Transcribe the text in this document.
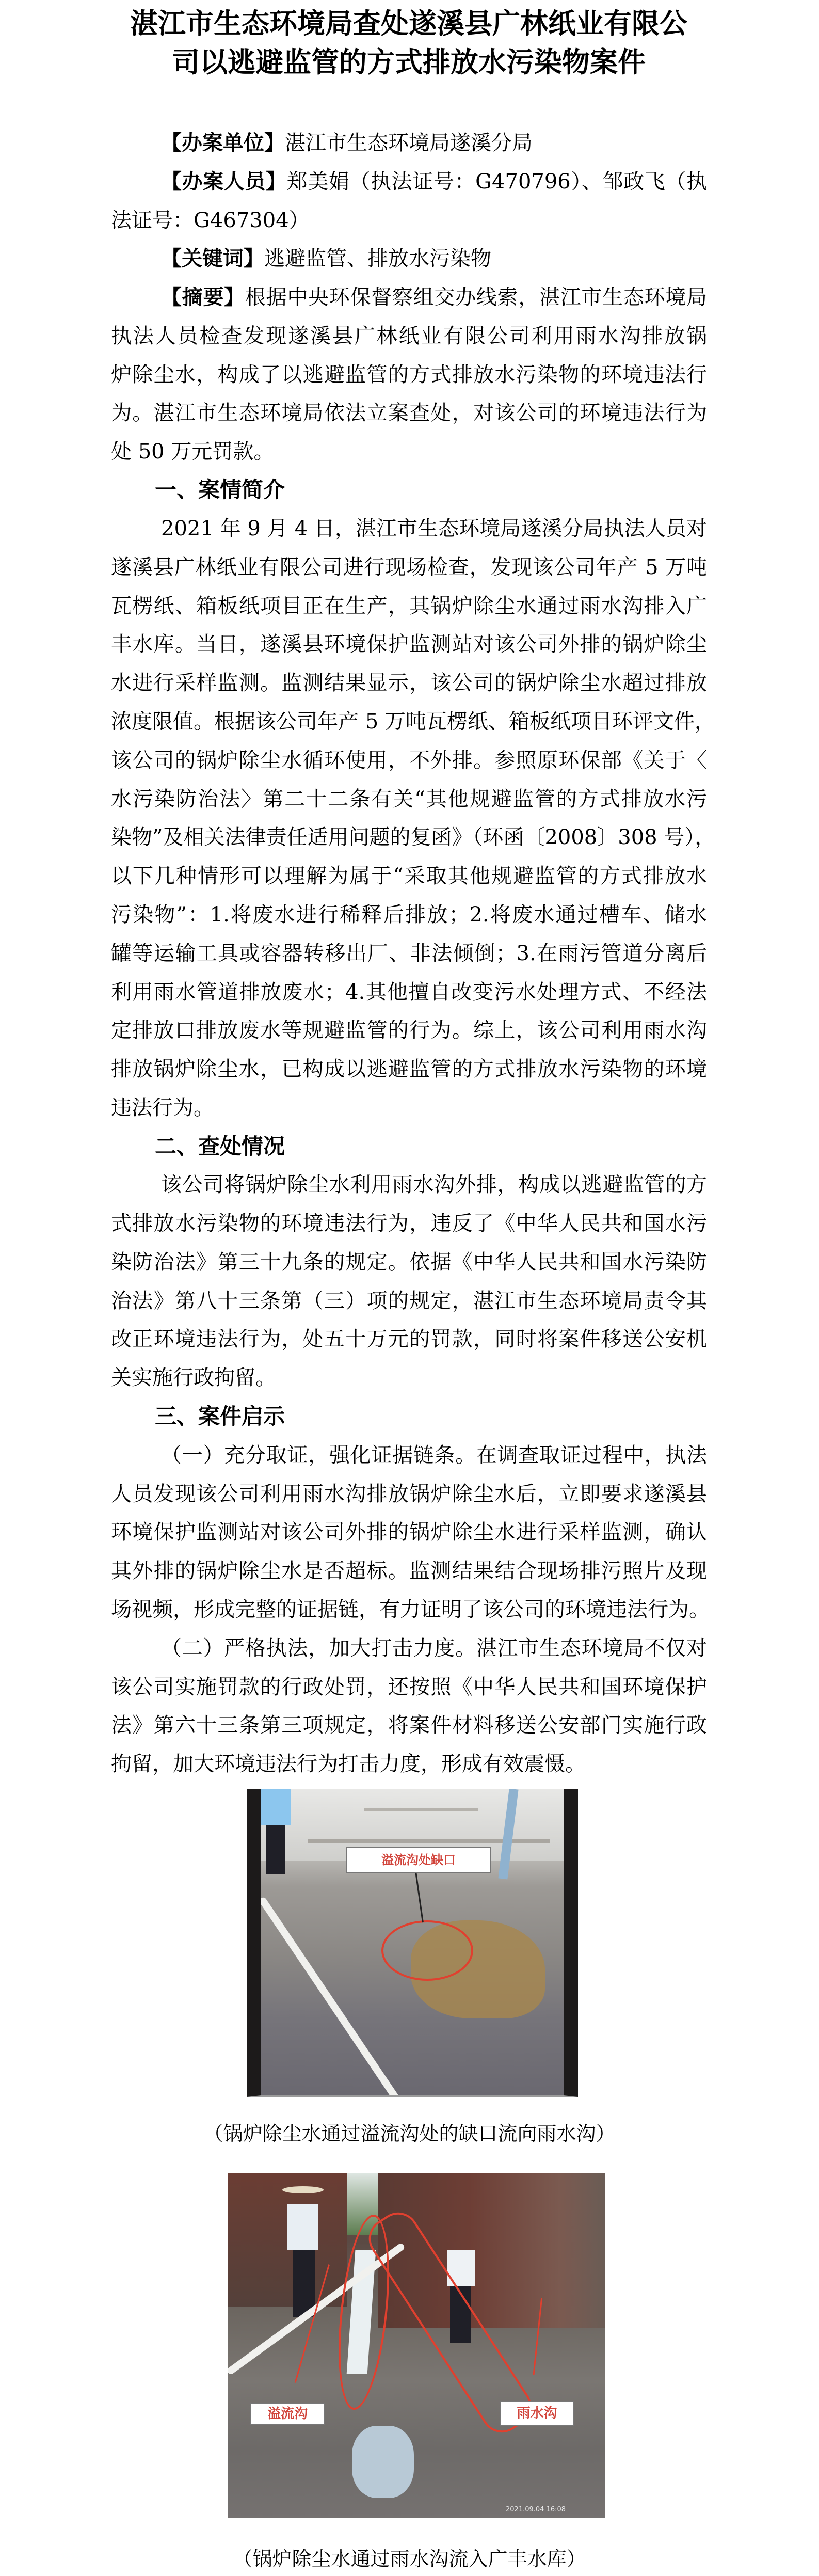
湛江市生态环境局查处遂溪县广林纸业有限公
司以逃避监管的方式排放水污染物案件
【办案单位】湛江市生态环境局遂溪分局
【办案人员】郑美娟（执法证号：G470796）、邹政飞（执
法证号：G467304）
【关键词】逃避监管、排放水污染物
【摘要】根据中央环保督察组交办线索，湛江市生态环境局
执法人员检查发现遂溪县广林纸业有限公司利用雨水沟排放锅
炉除尘水，构成了以逃避监管的方式排放水污染物的环境违法行
为。湛江市生态环境局依法立案查处，对该公司的环境违法行为
处 50 万元罚款。
一、案情简介
2021 年 9 月 4 日，湛江市生态环境局遂溪分局执法人员对
遂溪县广林纸业有限公司进行现场检查，发现该公司年产 5 万吨
瓦楞纸、箱板纸项目正在生产，其锅炉除尘水通过雨水沟排入广
丰水库。当日，遂溪县环境保护监测站对该公司外排的锅炉除尘
水进行采样监测。监测结果显示，该公司的锅炉除尘水超过排放
浓度限值。根据该公司年产 5 万吨瓦楞纸、箱板纸项目环评文件，
该公司的锅炉除尘水循环使用，不外排。参照原环保部《关于〈
水污染防治法〉第二十二条有关“其他规避监管的方式排放水污
染物”及相关法律责任适用问题的复函》（环函〔2008〕308 号），
以下几种情形可以理解为属于“采取其他规避监管的方式排放水
污染物”：1.将废水进行稀释后排放；2.将废水通过槽车、储水
罐等运输工具或容器转移出厂、非法倾倒；3.在雨污管道分离后
利用雨水管道排放废水；4.其他擅自改变污水处理方式、不经法
定排放口排放废水等规避监管的行为。综上，该公司利用雨水沟
排放锅炉除尘水，已构成以逃避监管的方式排放水污染物的环境
违法行为。
二、查处情况
该公司将锅炉除尘水利用雨水沟外排，构成以逃避监管的方
式排放水污染物的环境违法行为，违反了《中华人民共和国水污
染防治法》第三十九条的规定。依据《中华人民共和国水污染防
治法》第八十三条第（三）项的规定，湛江市生态环境局责令其
改正环境违法行为，处五十万元的罚款，同时将案件移送公安机
关实施行政拘留。
三、案件启示
（一）充分取证，强化证据链条。在调查取证过程中，执法
人员发现该公司利用雨水沟排放锅炉除尘水后，立即要求遂溪县
环境保护监测站对该公司外排的锅炉除尘水进行采样监测，确认
其外排的锅炉除尘水是否超标。监测结果结合现场排污照片及现
场视频，形成完整的证据链，有力证明了该公司的环境违法行为。
（二）严格执法，加大打击力度。湛江市生态环境局不仅对
该公司实施罚款的行政处罚，还按照《中华人民共和国环境保护
法》第六十三条第三项规定，将案件材料移送公安部门实施行政
拘留，加大环境违法行为打击力度，形成有效震慑。
溢流沟处缺口
（锅炉除尘水通过溢流沟处的缺口流向雨水沟）
溢流沟	雨水沟
2021.09.04 16:08
（锅炉除尘水通过雨水沟流入广丰水库）
